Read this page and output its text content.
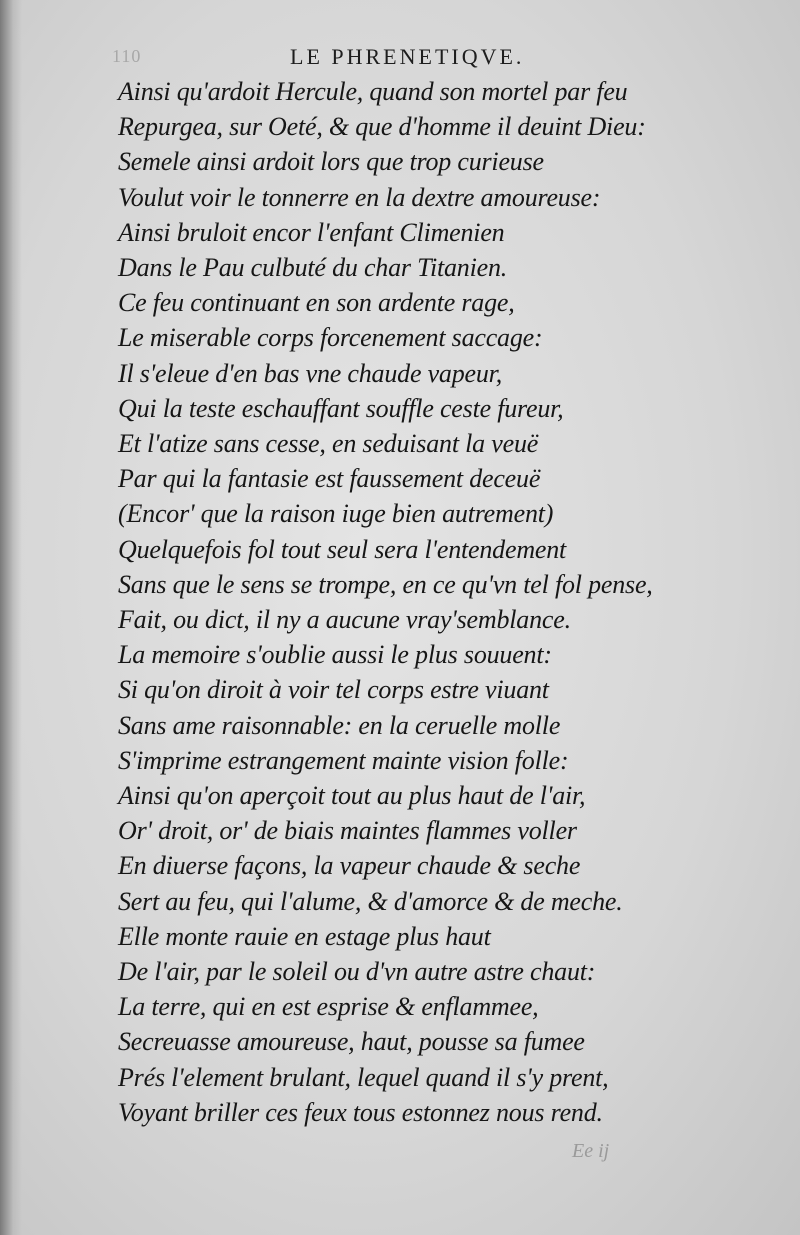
110	LE PHRENETIQVE.
Ainsi qu'ardoit Hercule, quand son mortel par feu
Repurgea, sur Oeté, & que d'homme il deuint Dieu:
Semele ainsi ardoit lors que trop curieuse
Voulut voir le tonnerre en la dextre amoureuse:
Ainsi bruloit encor l'enfant Climenien
Dans le Pau culbuté du char Titanien.
Ce feu continuant en son ardente rage,
Le miserable corps forcenement saccage:
Il s'eleue d'en bas vne chaude vapeur,
Qui la teste eschauffant souffle ceste fureur,
Et l'atize sans cesse, en seduisant la veuë
Par qui la fantasie est faussement deceuë
(Encor' que la raison iuge bien autrement)
Quelquefois fol tout seul sera l'entendement
Sans que le sens se trompe, en ce qu'vn tel fol pense,
Fait, ou dict, il ny a aucune vray'semblance.
La memoire s'oublie aussi le plus souuent:
Si qu'on diroit à voir tel corps estre viuant
Sans ame raisonnable: en la ceruelle molle
S'imprime estrangement mainte vision folle:
Ainsi qu'on aperçoit tout au plus haut de l'air,
Or' droit, or' de biais maintes flammes voller
En diuerse façons, la vapeur chaude & seche
Sert au feu, qui l'alume, & d'amorce & de meche.
Elle monte rauie en estage plus haut
De l'air, par le soleil ou d'vn autre astre chaut:
La terre, qui en est esprise & enflammee,
Secreuasse amoureuse, haut, pousse sa fumee
Prés l'element brulant, lequel quand il s'y prent,
Voyant briller ces feux tous estonnez nous rend.
Ee ij
